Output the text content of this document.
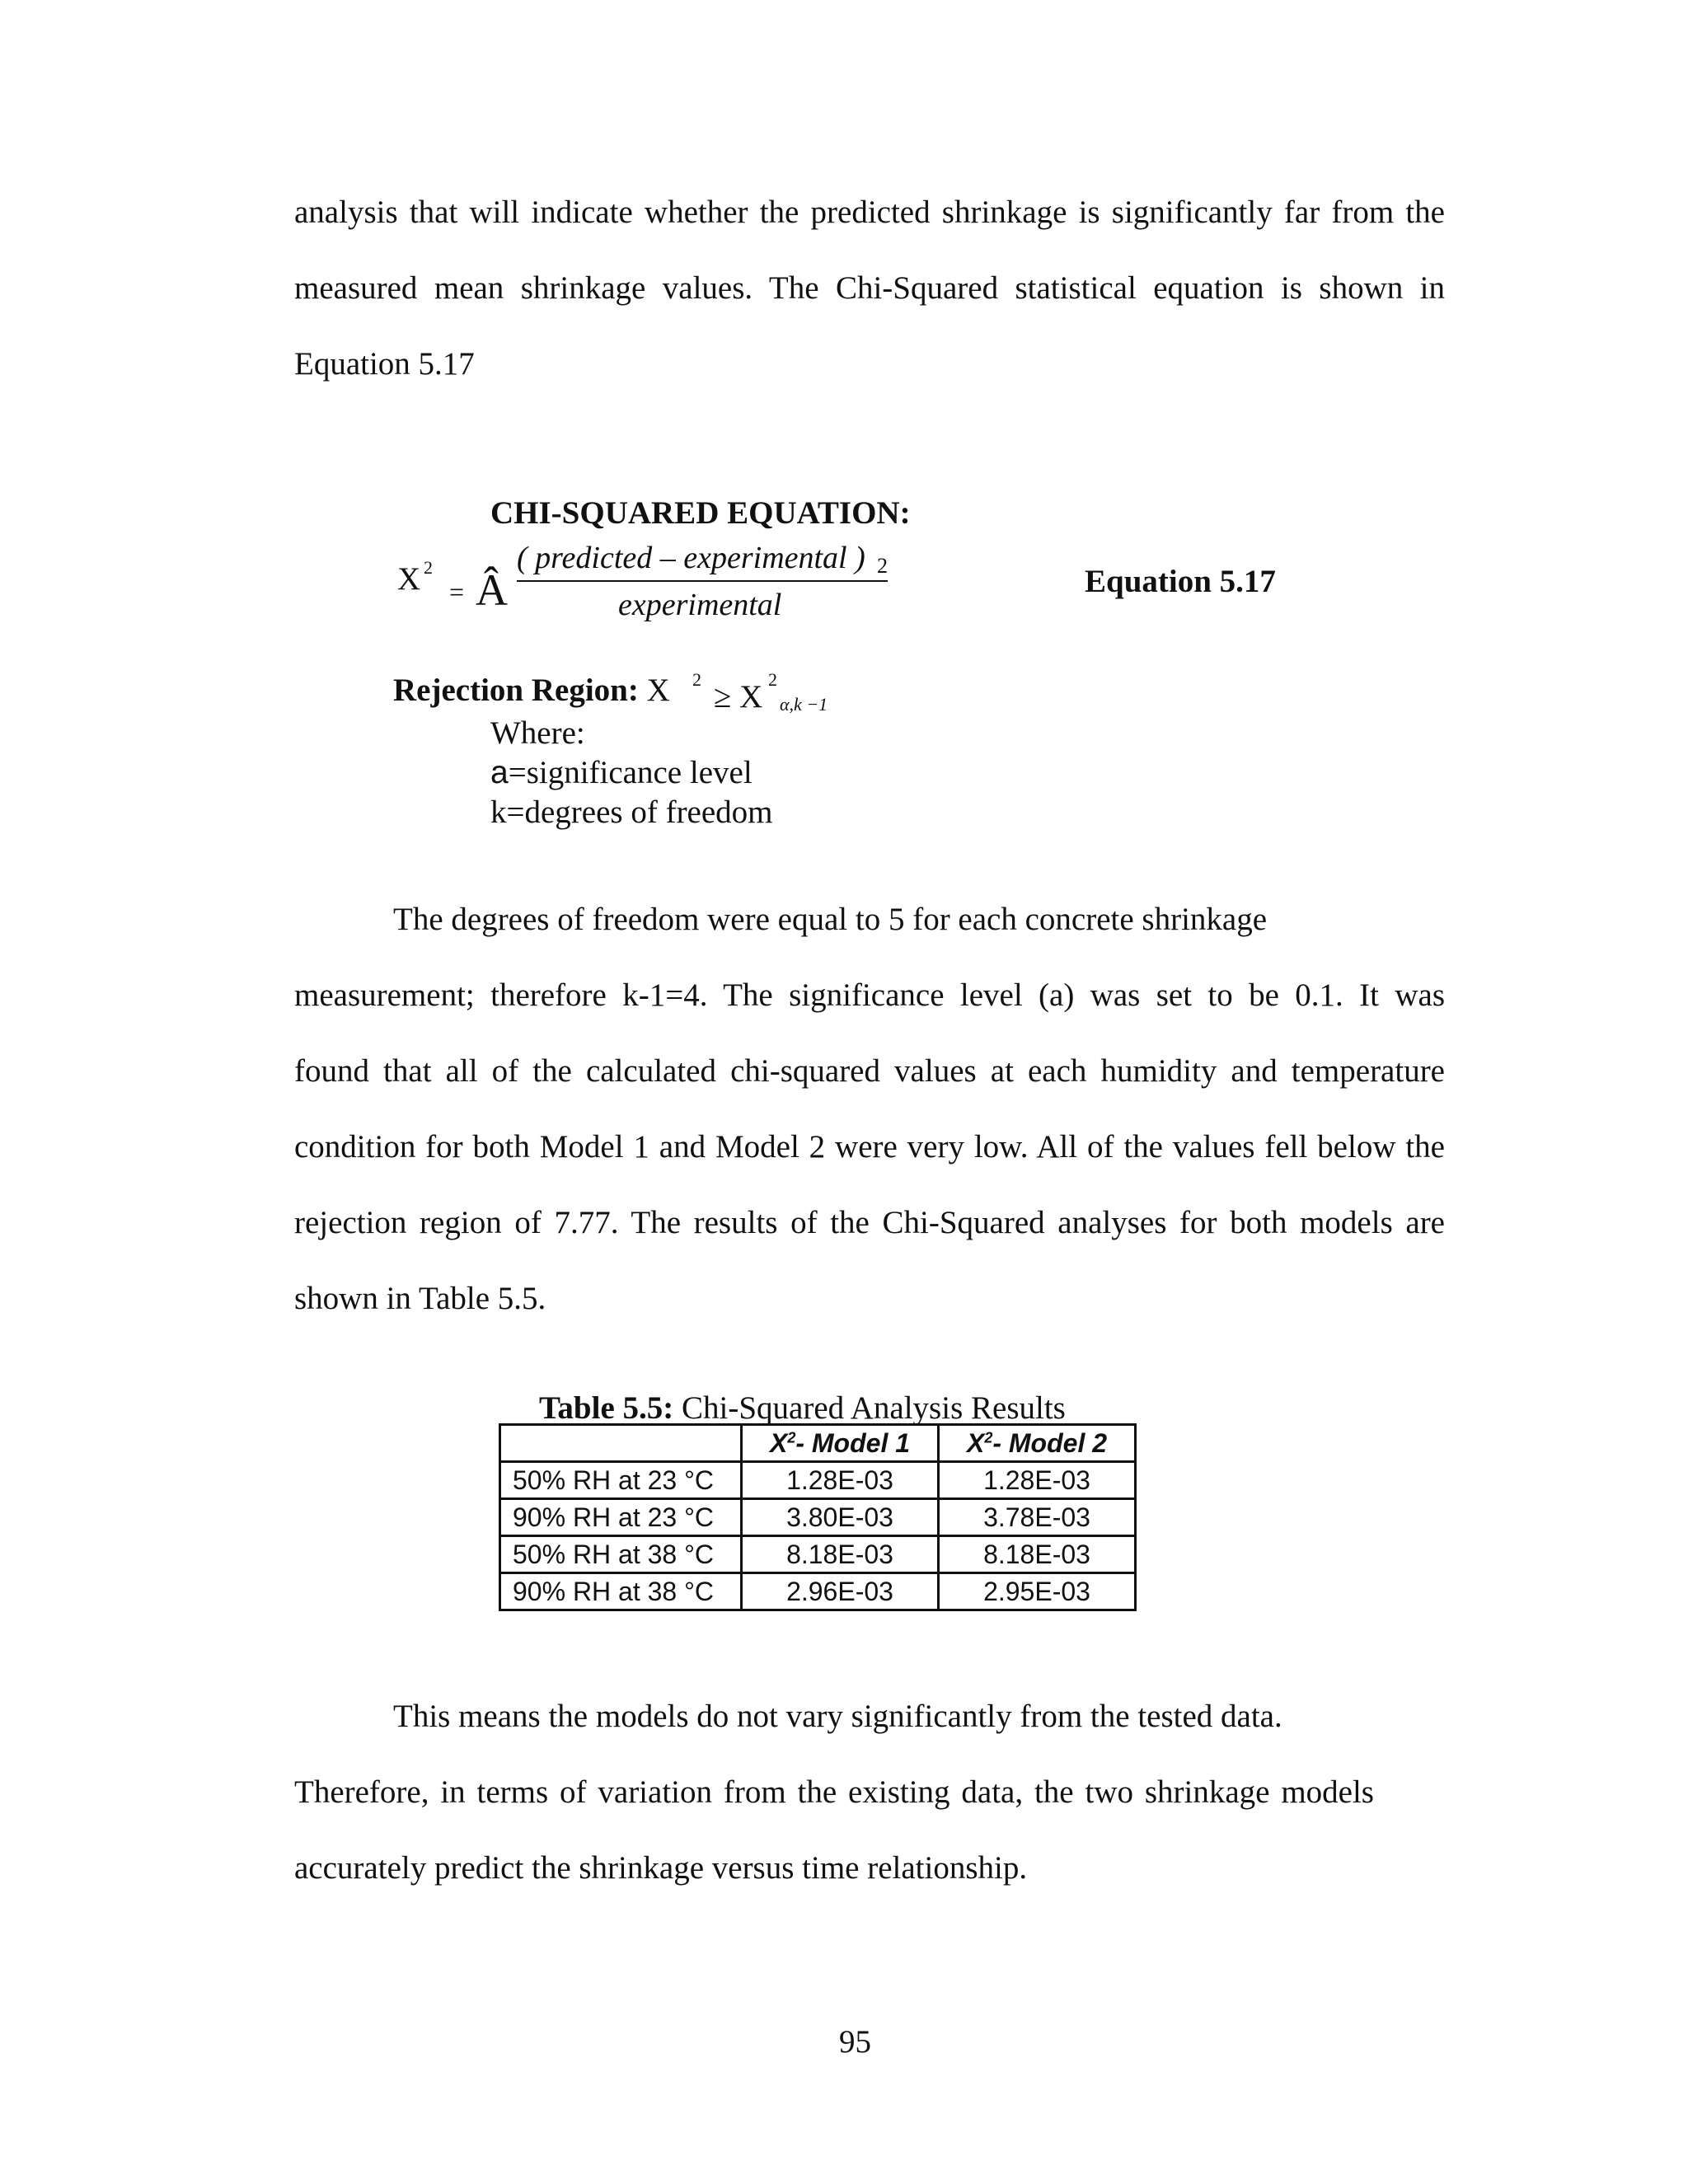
analysis that will indicate whether the predicted shrinkage is significantly far from the
measured mean shrinkage values. The Chi-Squared statistical equation is shown in
Equation 5.17
CHI-SQUARED EQUATION:
X 2
= Â
( predicted – experimental ) 2
experimental
Equation 5.17
Rejection Region: X 2 ≥ X 2
α,k −1
Where:
a=significance level
k=degrees of freedom
The degrees of freedom were equal to 5 for each concrete shrinkage
measurement; therefore k-1=4. The significance level (a) was set to be 0.1. It was
found that all of the calculated chi-squared values at each humidity and temperature
condition for both Model 1 and Model 2 were very low. All of the values fell below the
rejection region of 7.77. The results of the Chi-Squared analyses for both models are
shown in Table 5.5.
Table 5.5: Chi-Squared Analysis Results
	$X^2-$ Model 1	$X^2-$ Model 2
50% RH at 23 °C	1.28E-03	1.28E-03
90% RH at 23 °C	3.80E-03	3.78E-03
50% RH at 38 °C	8.18E-03	8.18E-03
90% RH at 38 °C	2.96E-03	2.95E-03
This means the models do not vary significantly from the tested data.
Therefore, in terms of variation from the existing data, the two shrinkage models
accurately predict the shrinkage versus time relationship.
95
